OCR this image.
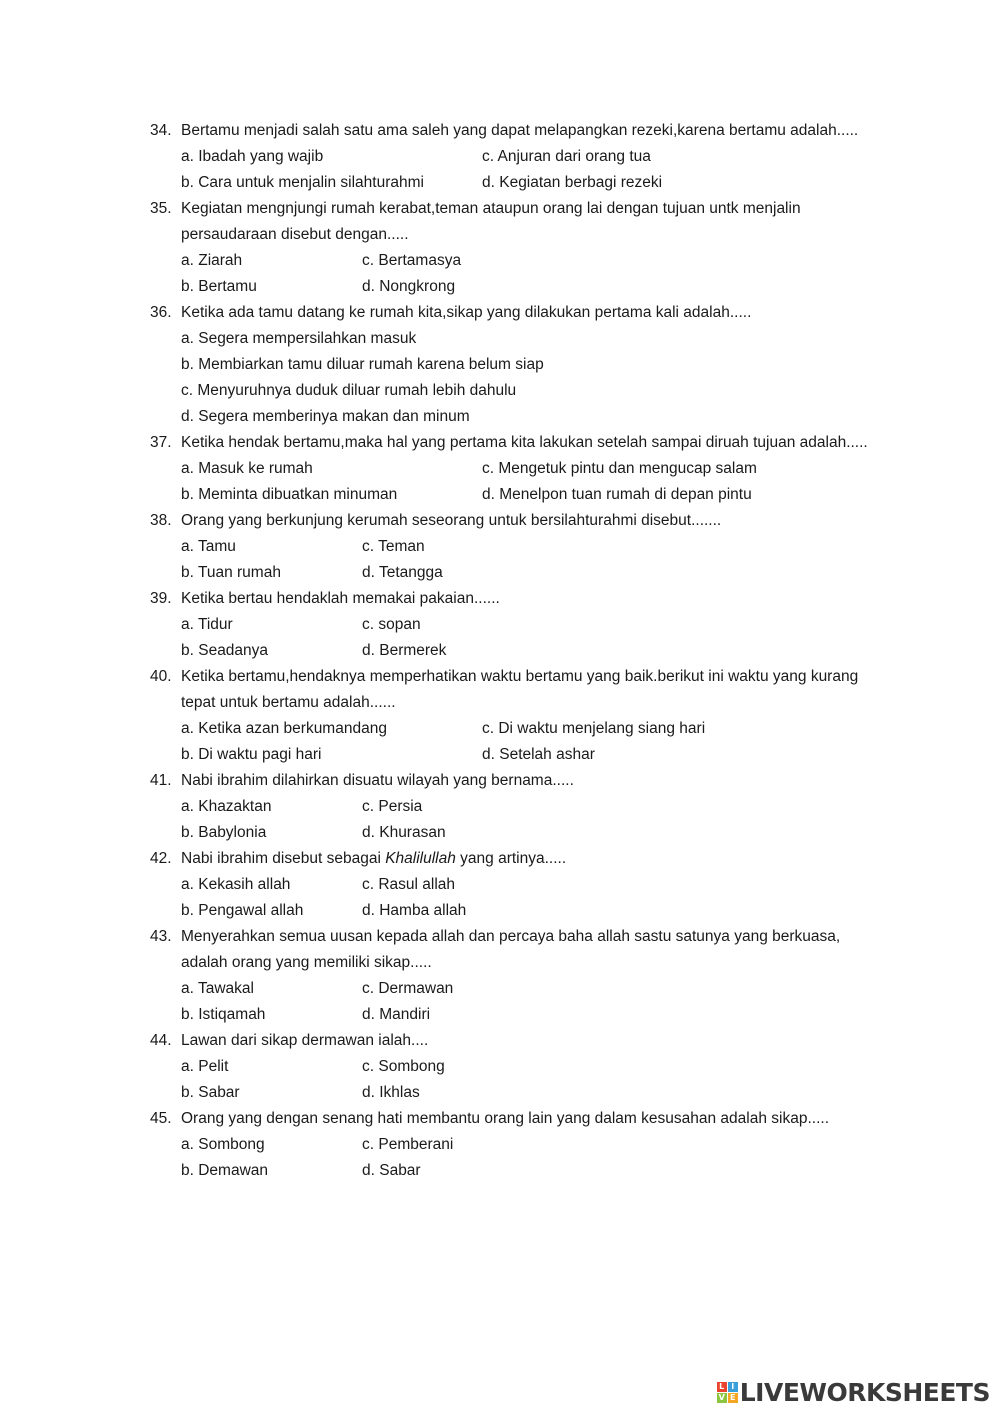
34. Bertamu menjadi salah satu ama saleh yang dapat melapangkan rezeki,karena bertamu adalah.....
a. Ibadah yang wajib	c. Anjuran dari orang tua
b. Cara untuk menjalin silahturahmi	d. Kegiatan berbagi rezeki
35. Kegiatan mengnjungi rumah kerabat,teman ataupun orang lai dengan tujuan untk menjalin persaudaraan disebut dengan.....
a. Ziarah	c. Bertamasya
b. Bertamu	d. Nongkrong
36. Ketika ada tamu datang ke rumah kita,sikap yang dilakukan pertama kali adalah.....
a. Segera mempersilahkan masuk
b. Membiarkan tamu diluar rumah karena belum siap
c. Menyuruhnya duduk diluar rumah lebih dahulu
d. Segera memberinya makan dan minum
37. Ketika hendak bertamu,maka hal yang pertama kita lakukan setelah sampai diruah tujuan adalah.....
a. Masuk ke rumah	c. Mengetuk pintu dan mengucap salam
b. Meminta dibuatkan minuman	d. Menelpon tuan rumah di depan pintu
38. Orang yang berkunjung kerumah seseorang untuk bersilahturahmi disebut.......
a. Tamu	c. Teman
b. Tuan rumah	d. Tetangga
39. Ketika bertau hendaklah memakai pakaian......
a. Tidur	c. sopan
b. Seadanya	d. Bermerek
40. Ketika bertamu,hendaknya memperhatikan waktu bertamu yang baik.berikut ini waktu yang kurang tepat untuk bertamu adalah......
a. Ketika azan berkumandang	c. Di waktu menjelang siang hari
b. Di waktu pagi hari	d. Setelah ashar
41. Nabi ibrahim dilahirkan disuatu wilayah yang bernama.....
a. Khazaktan	c. Persia
b. Babylonia	d. Khurasan
42. Nabi ibrahim disebut sebagai Khalilullah yang artinya.....
a. Kekasih allah	c. Rasul allah
b. Pengawal allah	d. Hamba allah
43. Menyerahkan semua uusan kepada allah dan percaya baha allah sastu satunya yang berkuasa, adalah orang yang memiliki sikap.....
a. Tawakal	c. Dermawan
b. Istiqamah	d. Mandiri
44. Lawan dari sikap dermawan ialah....
a. Pelit	c. Sombong
b. Sabar	d. Ikhlas
45. Orang yang dengan senang hati membantu orang lain yang dalam kesusahan adalah sikap.....
a. Sombong	c. Pemberani
b. Demawan	d. Sabar
L I
V E LIVEWORKSHEETS
